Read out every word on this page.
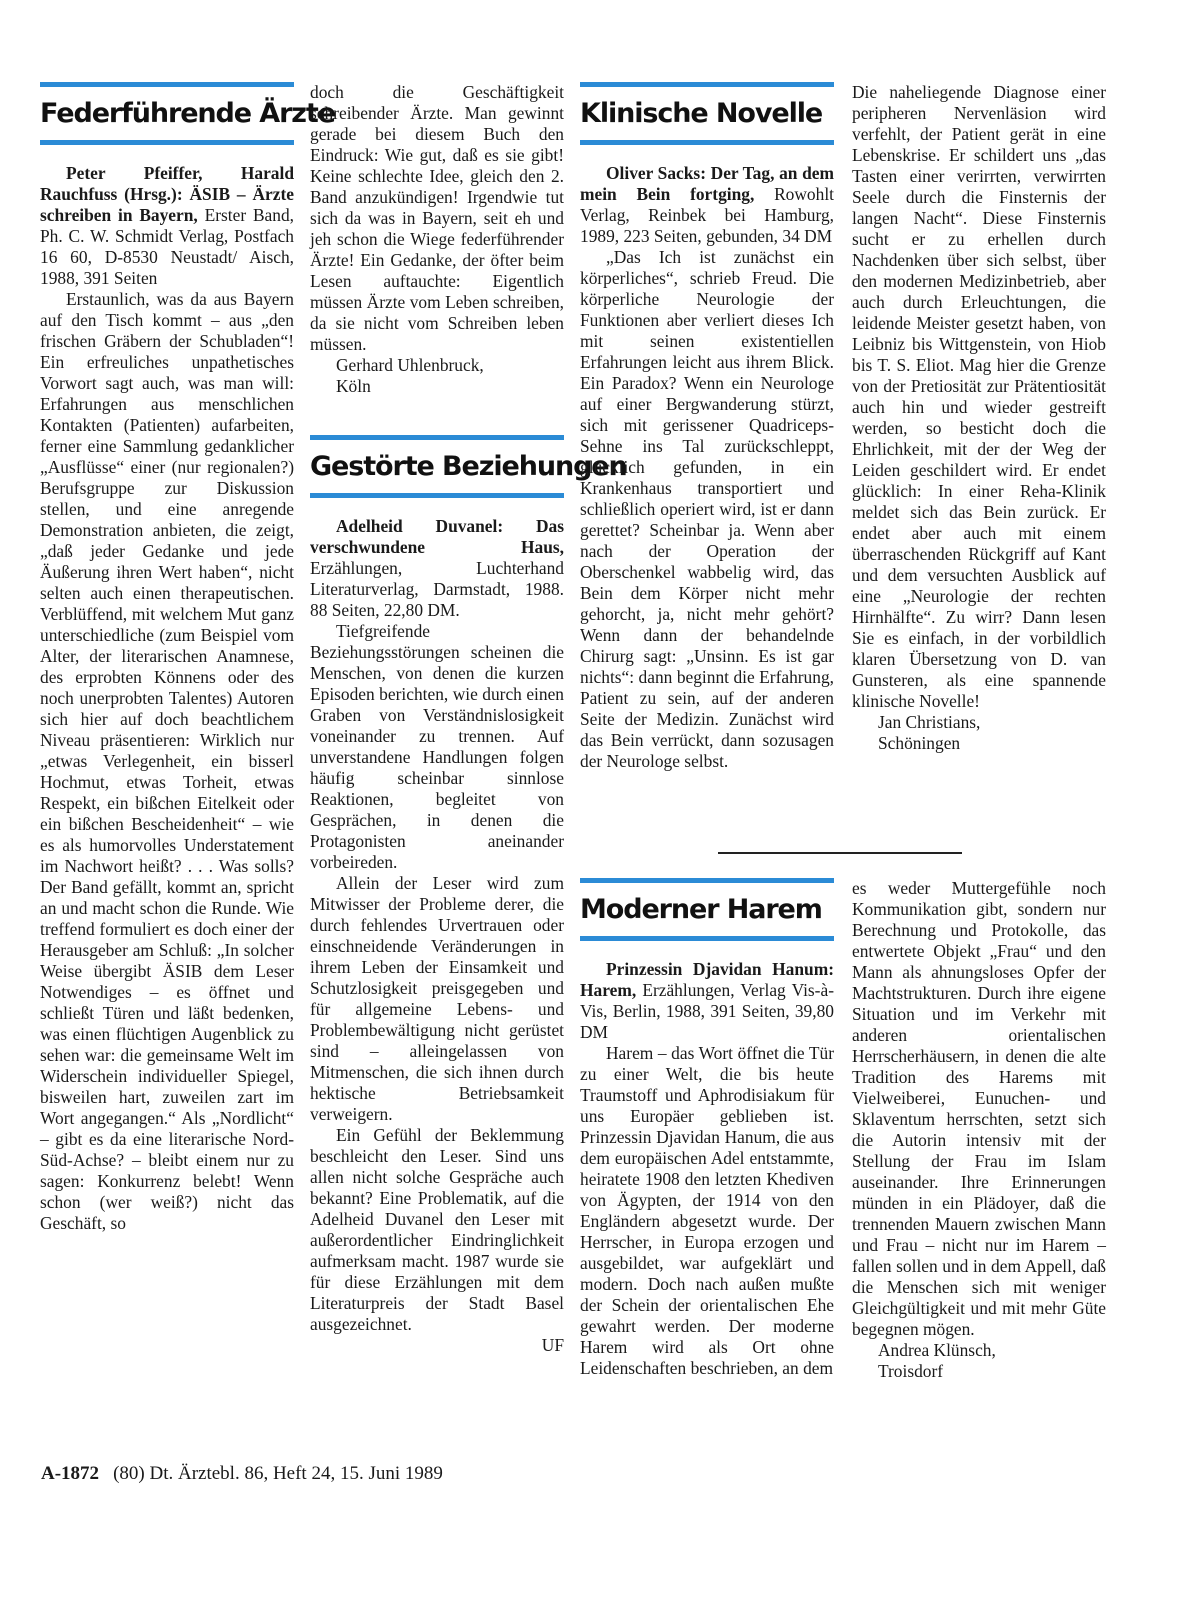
Federführende Ärzte

Peter Pfeiffer, Harald Rauchfuss (Hrsg.): ÄSIB – Ärzte schreiben in Bayern, Erster Band, Ph. C. W. Schmidt Verlag, Postfach 16 60, D-8530 Neustadt/ Aisch, 1988, 391 Seiten

Erstaunlich, was da aus Bayern auf den Tisch kommt – aus „den frischen Gräbern der Schubladen“! Ein erfreuliches unpathetisches Vorwort sagt auch, was man will: Erfahrungen aus menschlichen Kontakten (Patienten) aufarbeiten, ferner eine Sammlung gedanklicher „Ausflüsse“ einer (nur regionalen?) Berufsgruppe zur Diskussion stellen, und eine anregende Demonstration anbieten, die zeigt, „daß jeder Gedanke und jede Äußerung ihren Wert haben“, nicht selten auch einen therapeutischen. Verblüffend, mit welchem Mut ganz unterschiedliche (zum Beispiel vom Alter, der literarischen Anamnese, des erprobten Könnens oder des noch unerprobten Talentes) Autoren sich hier auf doch beachtlichem Niveau präsentieren: Wirklich nur „etwas Verlegenheit, ein bisserl Hochmut, etwas Torheit, etwas Respekt, ein bißchen Eitelkeit oder ein bißchen Bescheidenheit“ – wie es als humorvolles Understatement im Nachwort heißt? . . . Was solls? Der Band gefällt, kommt an, spricht an und macht schon die Runde. Wie treffend formuliert es doch einer der Herausgeber am Schluß: „In solcher Weise übergibt ÄSIB dem Leser Notwendiges – es öffnet und schließt Türen und läßt bedenken, was einen flüchtigen Augenblick zu sehen war: die gemeinsame Welt im Widerschein individueller Spiegel, bisweilen hart, zuweilen zart im Wort angegangen.“ Als „Nordlicht“ – gibt es da eine literarische Nord-Süd-Achse? – bleibt einem nur zu sagen: Konkurrenz belebt! Wenn schon (wer weiß?) nicht das Geschäft, so

doch die Geschäftigkeit schreibender Ärzte. Man gewinnt gerade bei diesem Buch den Eindruck: Wie gut, daß es sie gibt! Keine schlechte Idee, gleich den 2. Band anzukündigen! Irgendwie tut sich da was in Bayern, seit eh und jeh schon die Wiege federführender Ärzte! Ein Gedanke, der öfter beim Lesen auftauchte: Eigentlich müssen Ärzte vom Leben schreiben, da sie nicht vom Schreiben leben müssen.

Gerhard Uhlenbruck,

Köln

Gestörte Beziehungen

Adelheid Duvanel: Das verschwundene Haus, Erzählungen, Luchterhand Literaturverlag, Darmstadt, 1988. 88 Seiten, 22,80 DM.

Tiefgreifende Beziehungsstörungen scheinen die Menschen, von denen die kurzen Episoden berichten, wie durch einen Graben von Verständnislosigkeit voneinander zu trennen. Auf unverstandene Handlungen folgen häufig scheinbar sinnlose Reaktionen, begleitet von Gesprächen, in denen die Protagonisten aneinander vorbeireden.

Allein der Leser wird zum Mitwisser der Probleme derer, die durch fehlendes Urvertrauen oder einschneidende Veränderungen in ihrem Leben der Einsamkeit und Schutzlosigkeit preisgegeben und für allgemeine Lebens- und Problembewältigung nicht gerüstet sind – alleingelassen von Mitmenschen, die sich ihnen durch hektische Betriebsamkeit verweigern.

Ein Gefühl der Beklemmung beschleicht den Leser. Sind uns allen nicht solche Gespräche auch bekannt? Eine Problematik, auf die Adelheid Duvanel den Leser mit außerordentlicher Eindringlichkeit aufmerksam macht. 1987 wurde sie für diese Erzählungen mit dem Literaturpreis der Stadt Basel ausgezeichnet.

UF

Klinische Novelle

Oliver Sacks: Der Tag, an dem mein Bein fortging, Rowohlt Verlag, Reinbek bei Hamburg, 1989, 223 Seiten, gebunden, 34 DM

„Das Ich ist zunächst ein körperliches“, schrieb Freud. Die körperliche Neurologie der Funktionen aber verliert dieses Ich mit seinen existentiellen Erfahrungen leicht aus ihrem Blick. Ein Paradox? Wenn ein Neurologe auf einer Bergwanderung stürzt, sich mit gerissener Quadriceps-Sehne ins Tal zurückschleppt, glücklich gefunden, in ein Krankenhaus transportiert und schließlich operiert wird, ist er dann gerettet? Scheinbar ja. Wenn aber nach der Operation der Oberschenkel wabbelig wird, das Bein dem Körper nicht mehr gehorcht, ja, nicht mehr gehört? Wenn dann der behandelnde Chirurg sagt: „Unsinn. Es ist gar nichts“: dann beginnt die Erfahrung, Patient zu sein, auf der anderen Seite der Medizin. Zunächst wird das Bein verrückt, dann sozusagen der Neurologe selbst.

Die naheliegende Diagnose einer peripheren Nervenläsion wird verfehlt, der Patient gerät in eine Lebenskrise. Er schildert uns „das Tasten einer verirrten, verwirrten Seele durch die Finsternis der langen Nacht“. Diese Finsternis sucht er zu erhellen durch Nachdenken über sich selbst, über den modernen Medizinbetrieb, aber auch durch Erleuchtungen, die leidende Meister gesetzt haben, von Leibniz bis Wittgenstein, von Hiob bis T. S. Eliot. Mag hier die Grenze von der Pretiosität zur Prätentiosität auch hin und wieder gestreift werden, so besticht doch die Ehrlichkeit, mit der der Weg der Leiden geschildert wird. Er endet glücklich: In einer Reha-Klinik meldet sich das Bein zurück. Er endet aber auch mit einem überraschenden Rückgriff auf Kant und dem versuchten Ausblick auf eine „Neurologie der rechten Hirnhälfte“. Zu wirr? Dann lesen Sie es einfach, in der vorbildlich klaren Übersetzung von D. van Gunsteren, als eine spannende klinische Novelle!

Jan Christians,

Schöningen

Moderner Harem

Prinzessin Djavidan Hanum: Harem, Erzählungen, Verlag Vis-à-Vis, Berlin, 1988, 391 Seiten, 39,80 DM

Harem – das Wort öffnet die Tür zu einer Welt, die bis heute Traumstoff und Aphrodisiakum für uns Europäer geblieben ist. Prinzessin Djavidan Hanum, die aus dem europäischen Adel entstammte, heiratete 1908 den letzten Khediven von Ägypten, der 1914 von den Engländern abgesetzt wurde. Der Herrscher, in Europa erzogen und ausgebildet, war aufgeklärt und modern. Doch nach außen mußte der Schein der orientalischen Ehe gewahrt werden. Der moderne Harem wird als Ort ohne Leidenschaften beschrieben, an dem

es weder Muttergefühle noch Kommunikation gibt, sondern nur Berechnung und Protokolle, das entwertete Objekt „Frau“ und den Mann als ahnungsloses Opfer der Machtstrukturen. Durch ihre eigene Situation und im Verkehr mit anderen orientalischen Herrscherhäusern, in denen die alte Tradition des Harems mit Vielweiberei, Eunuchen- und Sklaventum herrschten, setzt sich die Autorin intensiv mit der Stellung der Frau im Islam auseinander. Ihre Erinnerungen münden in ein Plädoyer, daß die trennenden Mauern zwischen Mann und Frau – nicht nur im Harem – fallen sollen und in dem Appell, daß die Menschen sich mit weniger Gleichgültigkeit und mit mehr Güte begegnen mögen.

Andrea Klünsch,

Troisdorf

A-1872 (80) Dt. Ärztebl. 86, Heft 24, 15. Juni 1989
